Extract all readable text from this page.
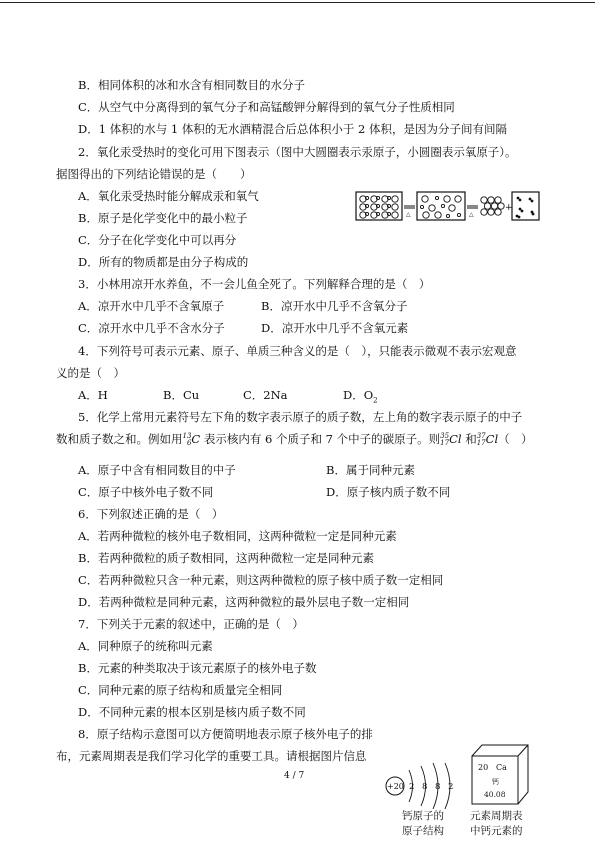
B．相同体积的冰和水含有相同数目的水分子
C．从空气中分离得到的氧气分子和高锰酸钾分解得到的氧气分子性质相同
D．1 体积的水与 1 体积的无水酒精混合后总体积小于 2 体积，是因为分子间有间隔
2．氧化汞受热时的变化可用下图表示（图中大圆圈表示汞原子，小圆圈表示氧原子）。
据图得出的下列结论错误的是（　　）
A．氧化汞受热时能分解成汞和氧气
B．原子是化学变化中的最小粒子
C．分子在化学变化中可以再分
D．所有的物质都是由分子构成的
△	△
+
3．小林用凉开水养鱼，不一会儿鱼全死了。下列解释合理的是（　）
A．凉开水中几乎不含氧原子	B．凉开水中几乎不含氧分子
C．凉开水中几乎不含水分子	D．凉开水中几乎不含氧元素
4．下列符号可表示元素、原子、单质三种含义的是（　），只能表示微观不表示宏观意
义的是（　）
A．H	B．Cu	C．2Na	D．$O_2$
5．化学上常用元素符号左下角的数字表示原子的质子数，左上角的数字表示原子的中子
数和质子数之和。例如用13
6C 表示核内有 6 个质子和 7 个中子的碳原子。则35
17Cl 和37
17Cl（　）
A．原子中含有相同数目的中子	B．属于同种元素
C．原子中核外电子数不同	D．原子核内质子数不同
6．下列叙述正确的是（　）
A．若两种微粒的核外电子数相同，这两种微粒一定是同种元素
B．若两种微粒的质子数相同，这两种微粒一定是同种元素
C．若两种微粒只含一种元素，则这两种微粒的原子核中质子数一定相同
D．若两种微粒是同种元素，这两种微粒的最外层电子数一定相同
7．下列关于元素的叙述中，正确的是（　）
A．同种原子的统称叫元素
B．元素的种类取决于该元素原子的核外电子数
C．同种元素的原子结构和质量完全相同
D．不同种元素的根本区别是核内质子数不同
8．原子结构示意图可以方便简明地表示原子核外电子的排
布，元素周期表是我们学习化学的重要工具。请根据图片信息
4 / 7
+20 2 8 8 2
20 Ca
钙
40.08
钙原子的
原子结构
元素周期表
中钙元素的
